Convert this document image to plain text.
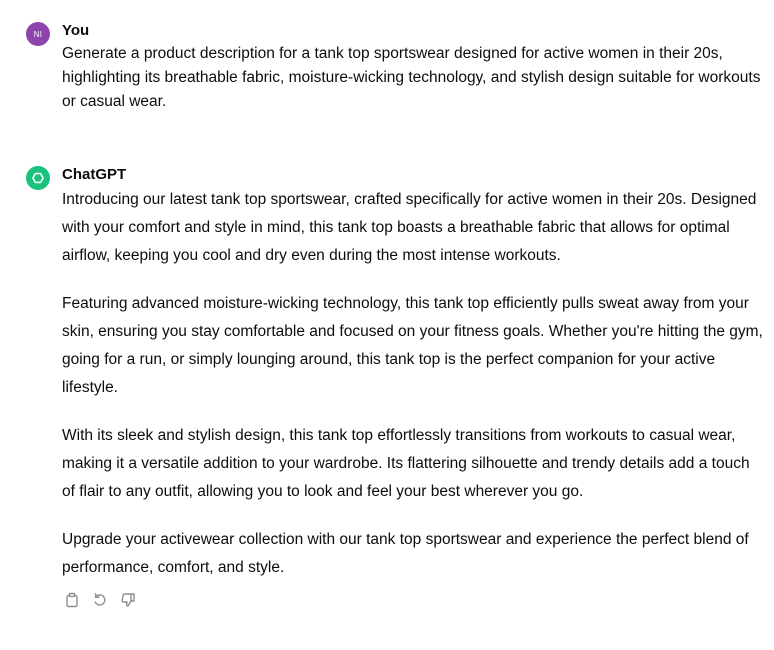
NI You

Generate a product description for a tank top sportswear designed for active women in their 20s, highlighting its breathable fabric, moisture-wicking technology, and stylish design suitable for workouts or casual wear.

ChatGPT

Introducing our latest tank top sportswear, crafted specifically for active women in their 20s. Designed with your comfort and style in mind, this tank top boasts a breathable fabric that allows for optimal airflow, keeping you cool and dry even during the most intense workouts.

Featuring advanced moisture-wicking technology, this tank top efficiently pulls sweat away from your skin, ensuring you stay comfortable and focused on your fitness goals. Whether you're hitting the gym, going for a run, or simply lounging around, this tank top is the perfect companion for your active lifestyle.

With its sleek and stylish design, this tank top effortlessly transitions from workouts to casual wear, making it a versatile addition to your wardrobe. Its flattering silhouette and trendy details add a touch of flair to any outfit, allowing you to look and feel your best wherever you go.

Upgrade your activewear collection with our tank top sportswear and experience the perfect blend of performance, comfort, and style.
